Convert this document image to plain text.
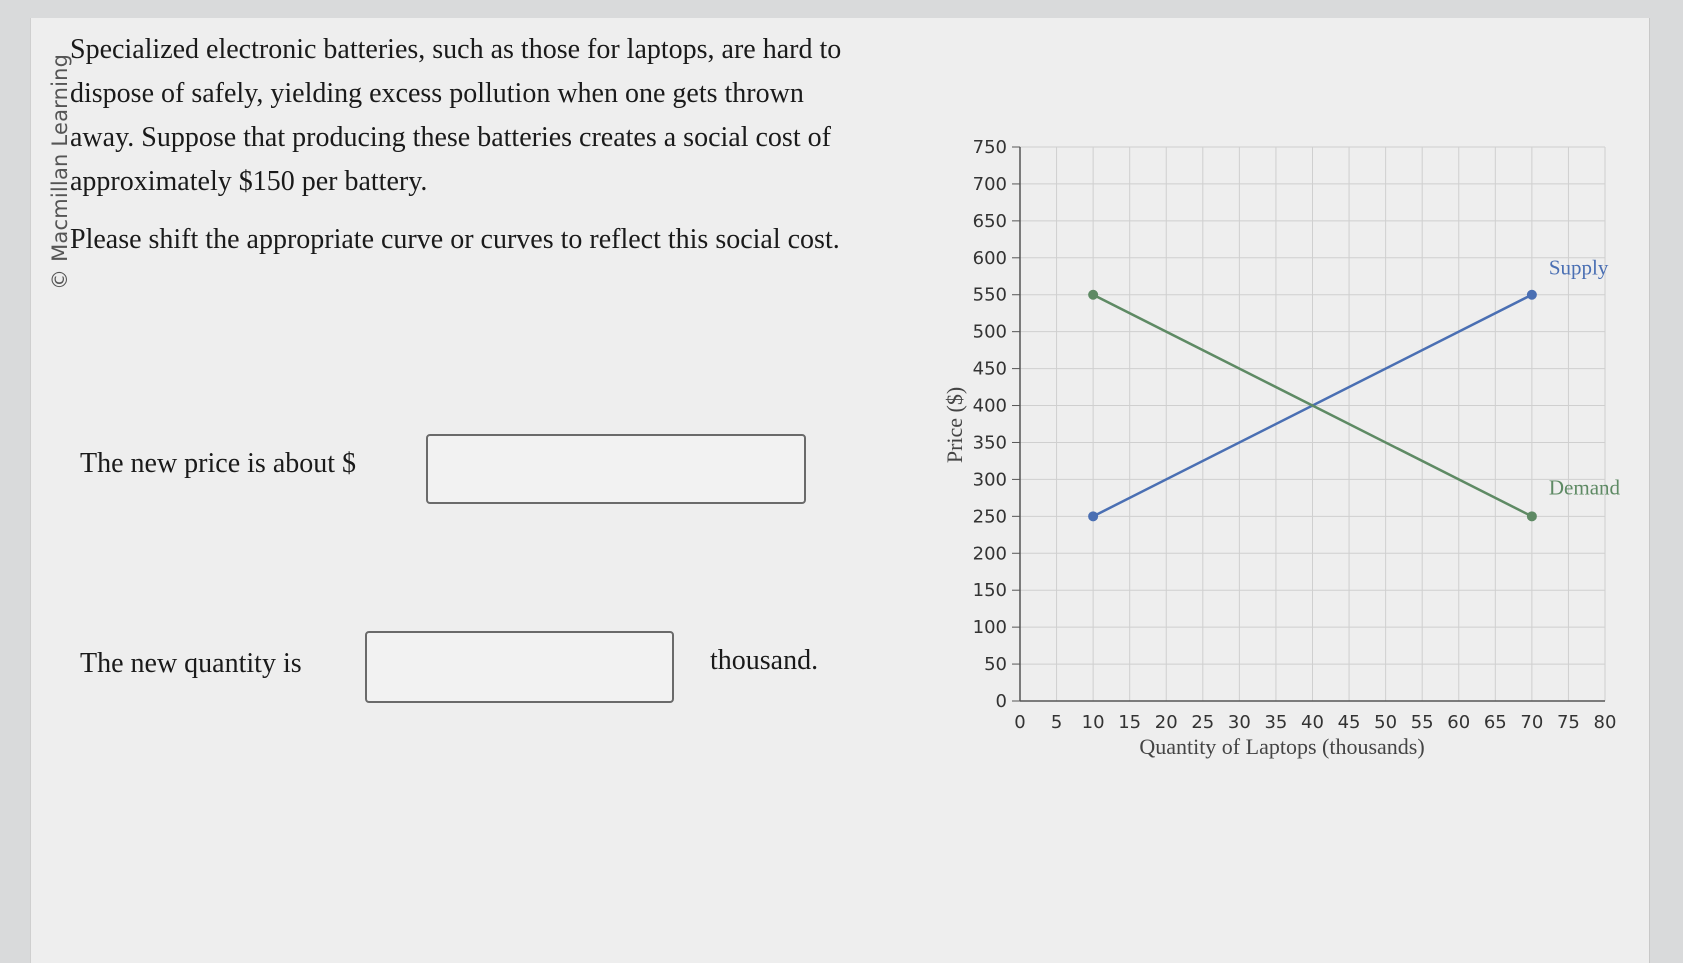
© Macmillan Learning

Specialized electronic batteries, such as those for laptops, are hard to dispose of safely, yielding excess pollution when one gets thrown away. Suppose that producing these batteries creates a social cost of approximately $150 per battery.

Please shift the appropriate curve or curves to reflect this social cost.

The new price is about $
The new quantity is	thousand.
0 5 10 15 20 25 30 35 40 45 50 55 60 65 70 75 80
0
50
100
150
200
250
300
350
400
450
500
550
600
650
700
750
Supply
Demand
Quantity of Laptops (thousands)
Price ($)
